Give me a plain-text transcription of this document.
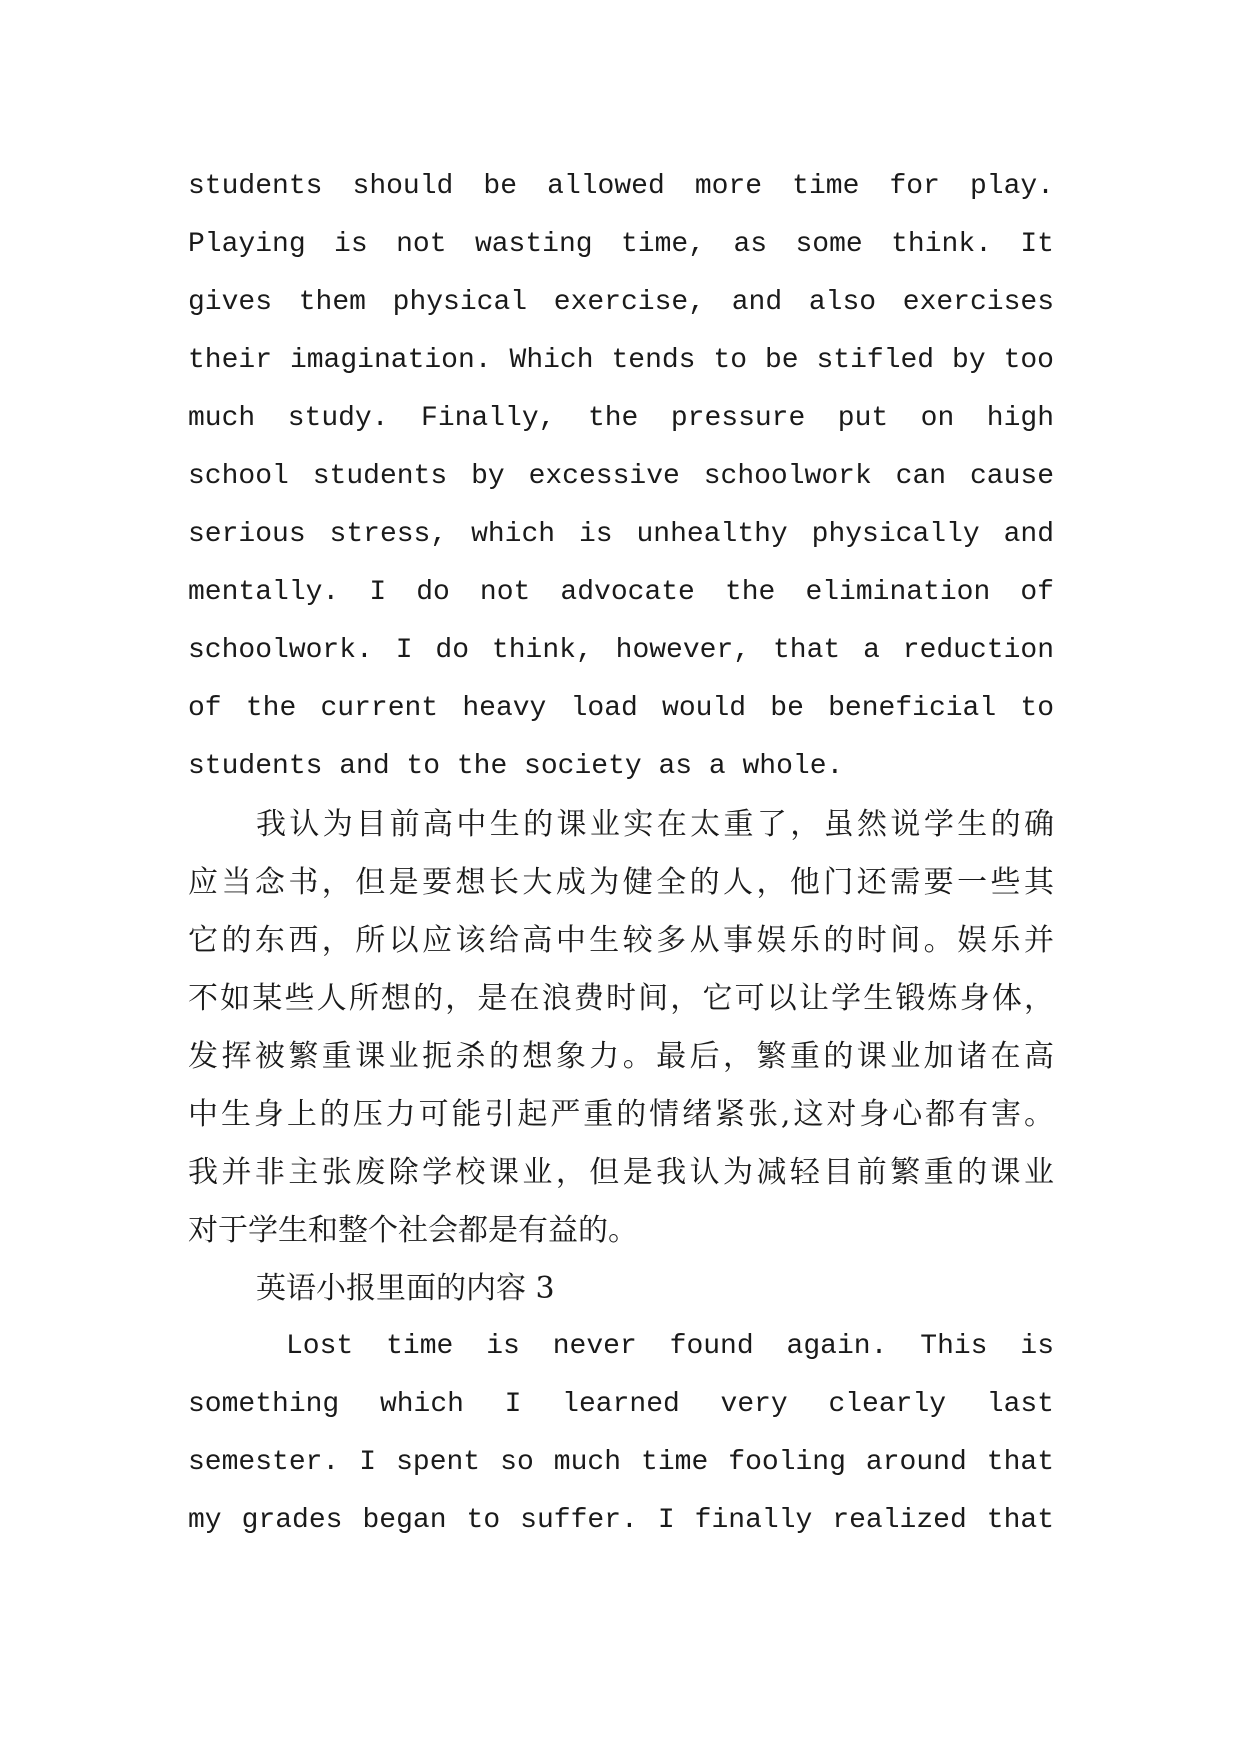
students should be allowed more time for play.
Playing is not wasting time, as some think. It
gives them physical exercise, and also exercises
their imagination. Which tends to be stifled by too
much study. Finally, the pressure put on high
school students by excessive schoolwork can cause
serious stress, which is unhealthy physically and
mentally. I do not advocate the elimination of
schoolwork. I do think, however, that a reduction
of the current heavy load would be beneficial to
students and to the society as a whole.
我认为目前高中生的课业实在太重了，虽然说学生的确
应当念书，但是要想长大成为健全的人，他门还需要一些其
它的东西，所以应该给高中生较多从事娱乐的时间。娱乐并
不如某些人所想的，是在浪费时间，它可以让学生锻炼身体，
发挥被繁重课业扼杀的想象力。最后，繁重的课业加诸在高
中生身上的压力可能引起严重的情绪紧张,这对身心都有害。
我并非主张废除学校课业，但是我认为减轻目前繁重的课业
对于学生和整个社会都是有益的。
英语小报里面的内容 3
Lost time is never found again. This is
something which I learned very clearly last
semester. I spent so much time fooling around that
my grades began to suffer. I finally realized that
